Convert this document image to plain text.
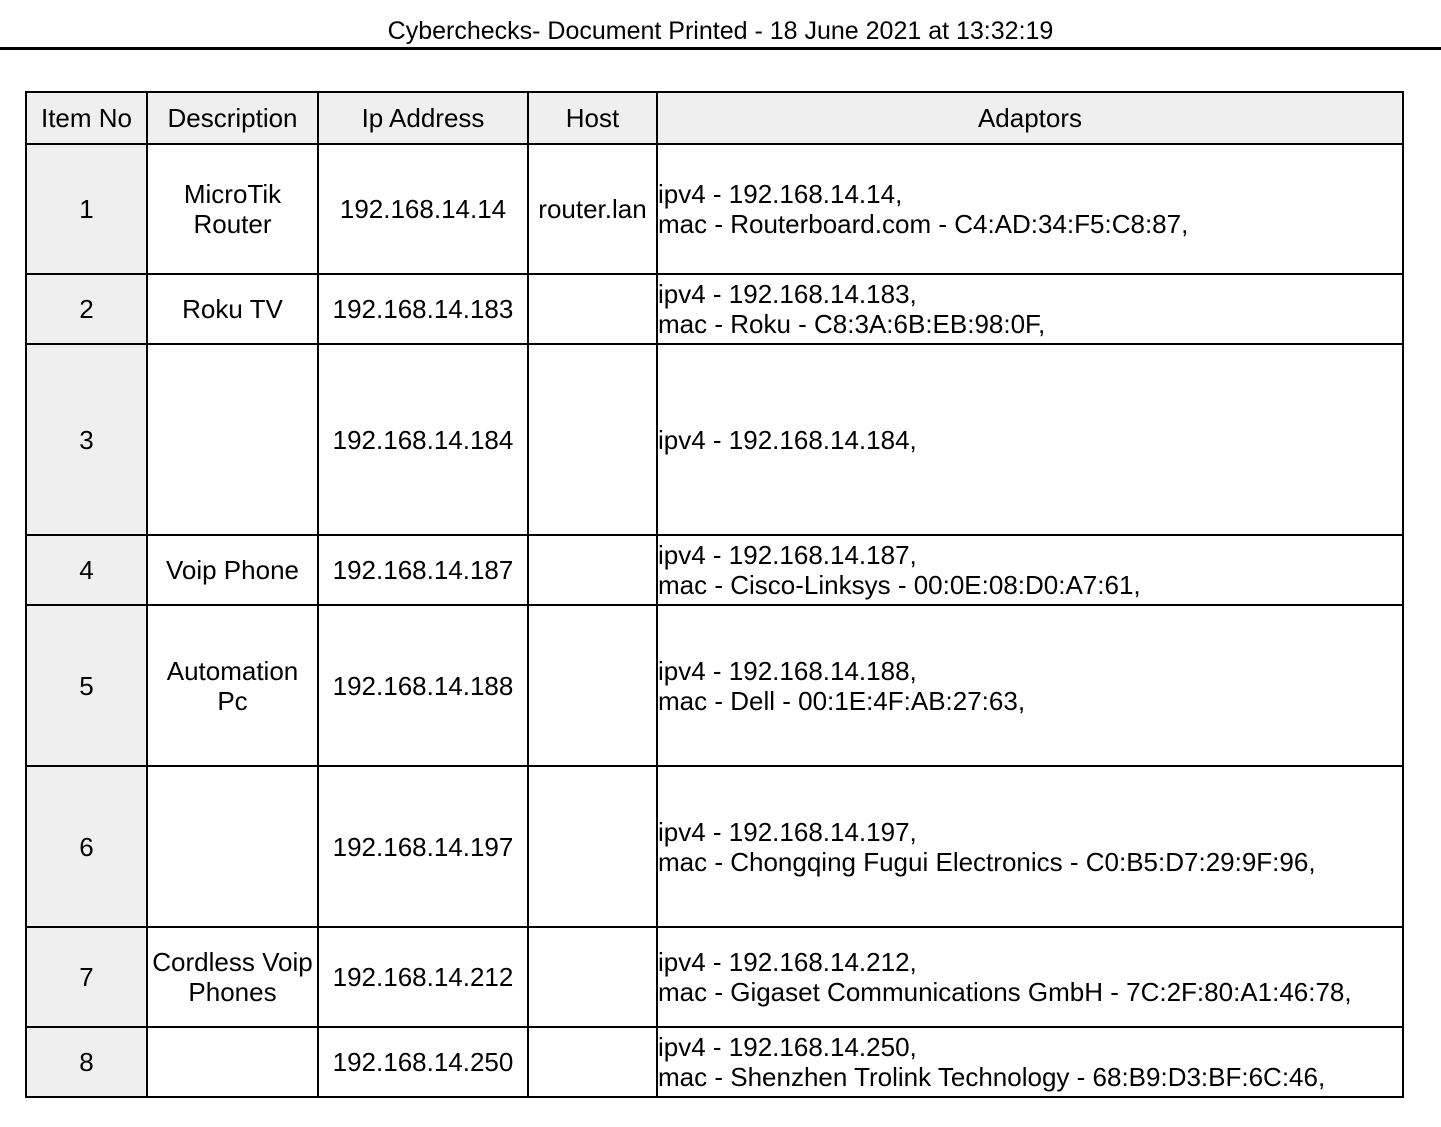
Cyberchecks- Document Printed - 18 June 2021 at 13:32:19
Item No	Description	Ip Address	Host	Adaptors

1	MicroTik Router	192.168.14.14	router.lan	ipv4 - 192.168.14.14,
mac - Routerboard.com - C4:AD:34:F5:C8:87,

2	Roku TV	192.168.14.183		ipv4 - 192.168.14.183,
mac - Roku - C8:3A:6B:EB:98:0F,

3		192.168.14.184		ipv4 - 192.168.14.184,

4	Voip Phone	192.168.14.187		ipv4 - 192.168.14.187,
mac - Cisco-Linksys - 00:0E:08:D0:A7:61,

5	Automation Pc	192.168.14.188		ipv4 - 192.168.14.188,
mac - Dell - 00:1E:4F:AB:27:63,

6		192.168.14.197		ipv4 - 192.168.14.197,
mac - Chongqing Fugui Electronics - C0:B5:D7:29:9F:96,

7	Cordless Voip Phones	192.168.14.212		ipv4 - 192.168.14.212,
mac - Gigaset Communications GmbH - 7C:2F:80:A1:46:78,

8		192.168.14.250		ipv4 - 192.168.14.250,
mac - Shenzhen Trolink Technology - 68:B9:D3:BF:6C:46,
